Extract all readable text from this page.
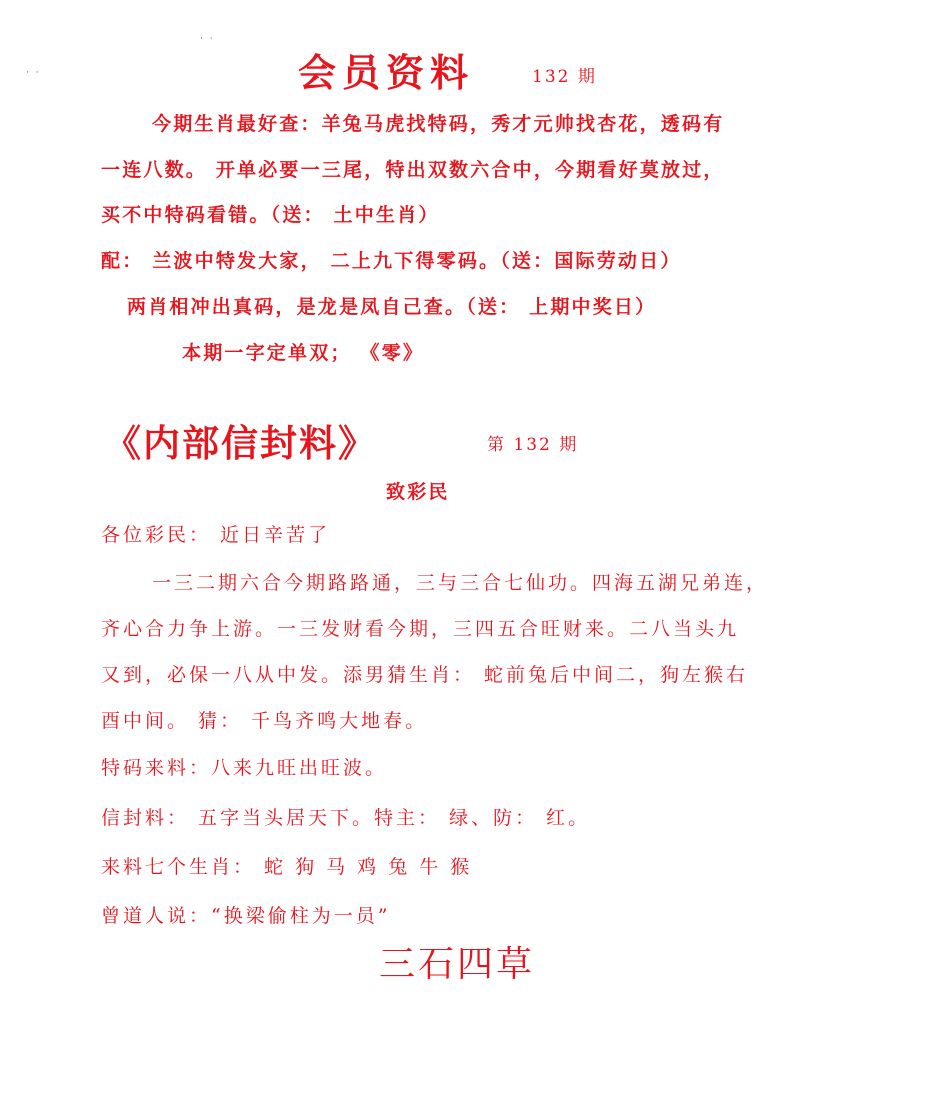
· ·
· ·	会员资料	132 期
今期生肖最好查：羊兔马虎找特码，秀才元帅找杏花，透码有
一连八数。 开单必要一三尾，特出双数六合中，今期看好莫放过，
买不中特码看错。（送： 土中生肖）
配： 兰波中特发大家， 二上九下得零码。（送：国际劳动日）
两肖相冲出真码，是龙是凤自己查。（送： 上期中奖日）
本期一字定单双； 《零》
《内部信封料》	第 132 期
致彩民
各位彩民： 近日辛苦了
一三二期六合今期路路通，三与三合七仙功。四海五湖兄弟连，
齐心合力争上游。一三发财看今期，三四五合旺财来。二八当头九
又到，必保一八从中发。添男猜生肖： 蛇前兔后中间二，狗左猴右
酉中间。 猜： 千鸟齐鸣大地春。
特码来料：八来九旺出旺波。
信封料： 五字当头居天下。特主： 绿、防： 红。
来料七个生肖： 蛇 狗 马 鸡 兔 牛 猴
曾道人说：“换梁偷柱为一员”
三石四草
